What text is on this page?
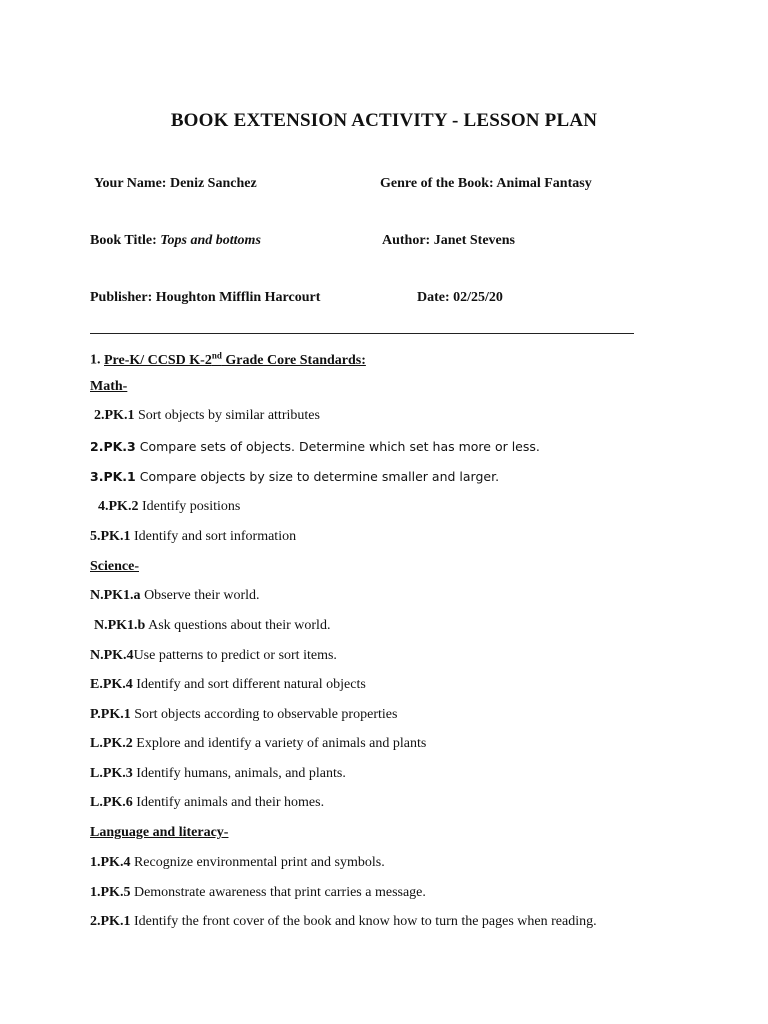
BOOK EXTENSION ACTIVITY - LESSON PLAN
Your Name: Deniz Sanchez	Genre of the Book: Animal Fantasy
Book Title: Tops and bottoms	Author: Janet Stevens
Publisher: Houghton Mifflin Harcourt	Date: 02/25/20
1. Pre-K/ CCSD K-2nd Grade Core Standards:
Math-
2.PK.1 Sort objects by similar attributes
2.PK.3 Compare sets of objects. Determine which set has more or less.
3.PK.1 Compare objects by size to determine smaller and larger.
4.PK.2 Identify positions
5.PK.1 Identify and sort information
Science-
N.PK1.a Observe their world.
N.PK1.b Ask questions about their world.
N.PK.4Use patterns to predict or sort items.
E.PK.4 Identify and sort different natural objects
P.PK.1 Sort objects according to observable properties
L.PK.2 Explore and identify a variety of animals and plants
L.PK.3 Identify humans, animals, and plants.
L.PK.6 Identify animals and their homes.
Language and literacy-
1.PK.4 Recognize environmental print and symbols.
1.PK.5 Demonstrate awareness that print carries a message.
2.PK.1 Identify the front cover of the book and know how to turn the pages when reading.
